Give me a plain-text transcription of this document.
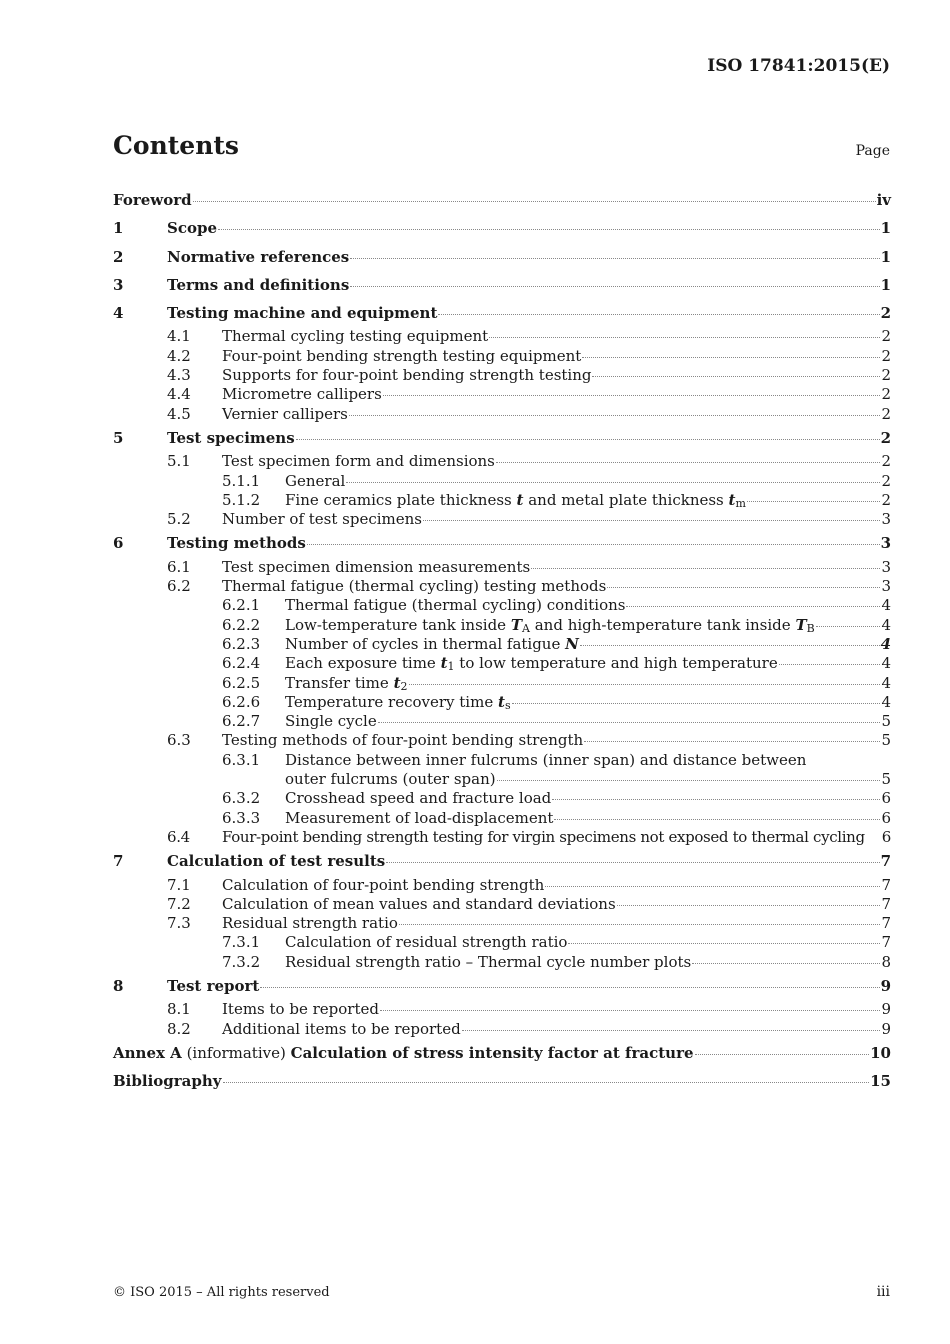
ISO 17841:2015(E)
Contents	Page
Foreword	iv
1	Scope	1
2	Normative references	1
3	Terms and definitions	1
4	Testing machine and equipment	2
4.1	Thermal cycling testing equipment	2
4.2	Four-point bending strength testing equipment	2
4.3	Supports for four-point bending strength testing	2
4.4	Micrometre callipers	2
4.5	Vernier callipers	2
5	Test specimens	2
5.1	Test specimen form and dimensions	2
5.1.1	General	2
5.1.2	Fine ceramics plate thickness t and metal plate thickness tm	2
5.2	Number of test specimens	3
6	Testing methods	3
6.1	Test specimen dimension measurements	3
6.2	Thermal fatigue (thermal cycling) testing methods	3
6.2.1	Thermal fatigue (thermal cycling) conditions	4
6.2.2	Low-temperature tank inside TA and high-temperature tank inside TB	4
6.2.3	Number of cycles in thermal fatigue N	4
6.2.4	Each exposure time t1 to low temperature and high temperature	4
6.2.5	Transfer time t2	4
6.2.6	Temperature recovery time ts	4
6.2.7	Single cycle	5
6.3	Testing methods of four-point bending strength	5
6.3.1	Distance between inner fulcrums (inner span) and distance between
outer fulcrums (outer span)	5
6.3.2	Crosshead speed and fracture load	6
6.3.3	Measurement of load-displacement	6
6.4	Four-point bending strength testing for virgin specimens not exposed to thermal cycling 6
7	Calculation of test results	7
7.1	Calculation of four-point bending strength	7
7.2	Calculation of mean values and standard deviations	7
7.3	Residual strength ratio	7
7.3.1	Calculation of residual strength ratio	7
7.3.2	Residual strength ratio – Thermal cycle number plots	8
8	Test report	9
8.1	Items to be reported	9
8.2	Additional items to be reported	9
Annex A (informative) Calculation of stress intensity factor at fracture	10
Bibliography	15
© ISO 2015 – All rights reserved	iii
